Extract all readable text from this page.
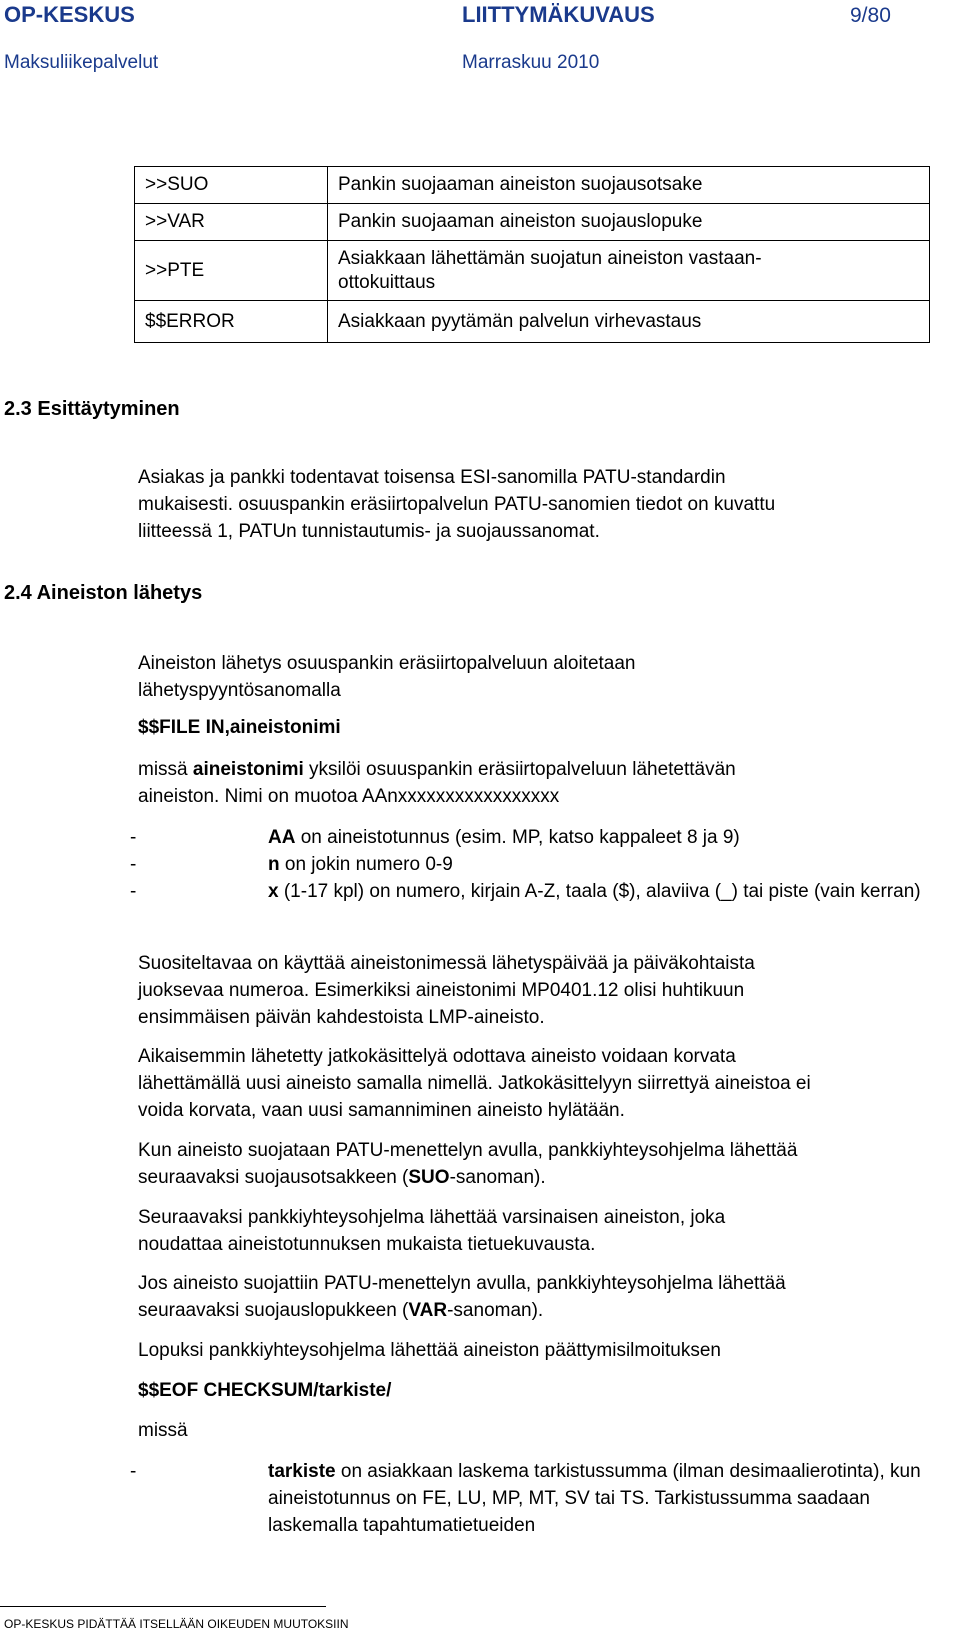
OP-KESKUS	LIITTYMÄKUVAUS	9/80
Maksuliikepalvelut	Marraskuu 2010
>>SUO	Pankin suojaaman aineiston suojausotsake
>>VAR	Pankin suojaaman aineiston suojauslopuke
>>PTE	Asiakkaan lähettämän suojatun aineiston vastaan-
ottokuittaus
$$ERROR	Asiakkaan pyytämän palvelun virhevastaus
2.3 Esittäytyminen
Asiakas ja pankki todentavat toisensa ESI-sanomilla PATU-standardin
mukaisesti. osuuspankin eräsiirtopalvelun PATU-sanomien tiedot on kuvattu
liitteessä 1, PATUn tunnistautumis- ja suojaussanomat.
2.4 Aineiston lähetys
Aineiston lähetys osuuspankin eräsiirtopalveluun aloitetaan
lähetyspyyntösanomalla
$$FILE IN,aineistonimi
missä aineistonimi yksilöi osuuspankin eräsiirtopalveluun lähetettävän
aineiston. Nimi on muotoa AAnxxxxxxxxxxxxxxxxx
-	AA on aineistotunnus (esim. MP, katso kappaleet 8 ja 9)
-	n on jokin numero 0-9
-	x (1-17 kpl) on numero, kirjain A-Z, taala ($), alaviiva (_) tai piste (vain kerran)
Suositeltavaa on käyttää aineistonimessä lähetyspäivää ja päiväkohtaista
juoksevaa numeroa. Esimerkiksi aineistonimi MP0401.12 olisi huhtikuun
ensimmäisen päivän kahdestoista LMP-aineisto.
Aikaisemmin lähetetty jatkokäsittelyä odottava aineisto voidaan korvata
lähettämällä uusi aineisto samalla nimellä. Jatkokäsittelyyn siirrettyä aineistoa ei
voida korvata, vaan uusi samanniminen aineisto hylätään.
Kun aineisto suojataan PATU-menettelyn avulla, pankkiyhteysohjelma lähettää
seuraavaksi suojausotsakkeen (SUO-sanoman).
Seuraavaksi pankkiyhteysohjelma lähettää varsinaisen aineiston, joka
noudattaa aineistotunnuksen mukaista tietuekuvausta.
Jos aineisto suojattiin PATU-menettelyn avulla, pankkiyhteysohjelma lähettää
seuraavaksi suojauslopukkeen (VAR-sanoman).
Lopuksi pankkiyhteysohjelma lähettää aineiston päättymisilmoituksen
$$EOF CHECKSUM/tarkiste/
missä
-	tarkiste on asiakkaan laskema tarkistussumma (ilman desimaalierotinta), kun aineistotunnus on FE, LU, MP, MT, SV tai TS. Tarkistussumma saadaan laskemalla tapahtumatietueiden
OP-KESKUS PIDÄTTÄÄ ITSELLÄÄN OIKEUDEN MUUTOKSIIN
